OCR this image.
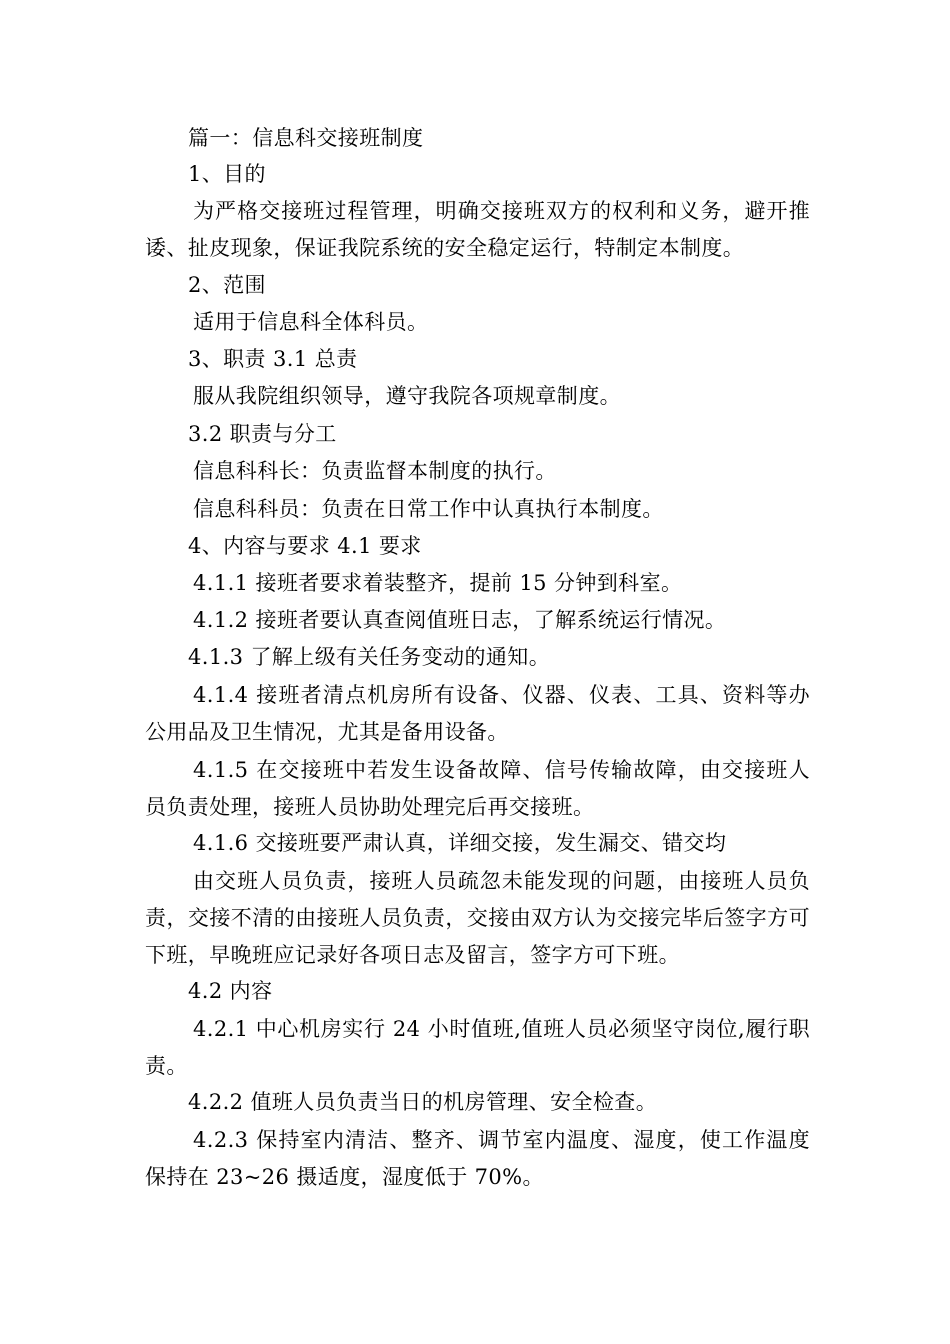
篇一：信息科交接班制度
1、目的
为严格交接班过程管理，明确交接班双方的权利和义务，避开推诿、扯皮现象，保证我院系统的安全稳定运行，特制定本制度。
2、范围
适用于信息科全体科员。
3、职责 3.1 总责
服从我院组织领导，遵守我院各项规章制度。
3.2 职责与分工
信息科科长：负责监督本制度的执行。
信息科科员：负责在日常工作中认真执行本制度。
4、内容与要求 4.1 要求
4.1.1 接班者要求着装整齐，提前 15 分钟到科室。
4.1.2 接班者要认真查阅值班日志，了解系统运行情况。
4.1.3 了解上级有关任务变动的通知。
4.1.4 接班者清点机房所有设备、仪器、仪表、工具、资料等办公用品及卫生情况，尤其是备用设备。
4.1.5 在交接班中若发生设备故障、信号传输故障，由交接班人员负责处理，接班人员协助处理完后再交接班。
4.1.6 交接班要严肃认真，详细交接，发生漏交、错交均
由交班人员负责，接班人员疏忽未能发现的问题，由接班人员负责，交接不清的由接班人员负责，交接由双方认为交接完毕后签字方可下班，早晚班应记录好各项日志及留言，签字方可下班。
4.2 内容
4.2.1 中心机房实行 24 小时值班,值班人员必须坚守岗位,履行职责。
4.2.2 值班人员负责当日的机房管理、安全检查。
4.2.3 保持室内清洁、整齐、调节室内温度、湿度，使工作温度保持在 23~26 摄适度，湿度低于 70%。
